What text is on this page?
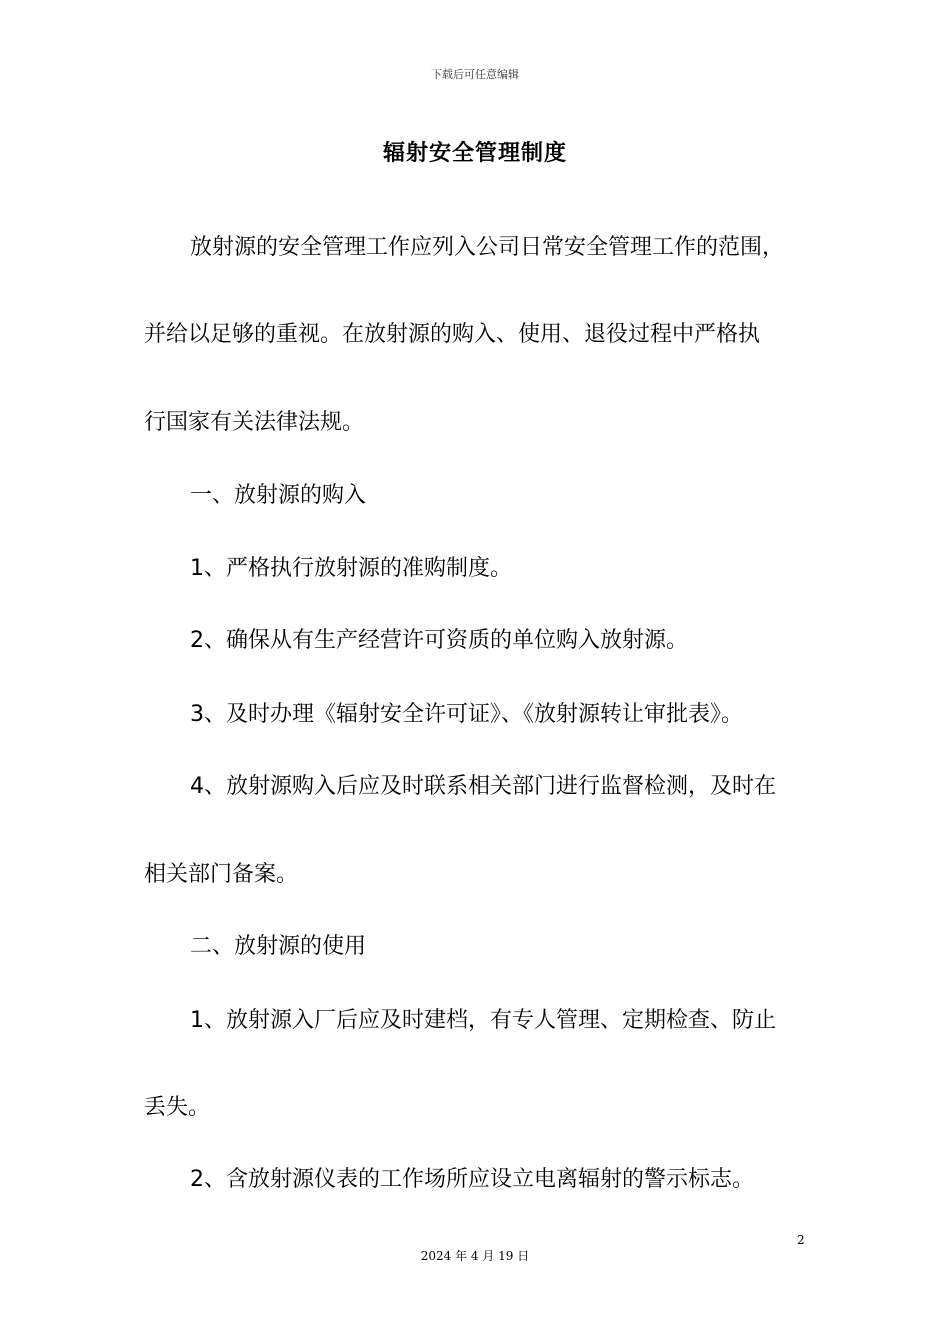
下载后可任意编辑
辐射安全管理制度
放射源的安全管理工作应列入公司日常安全管理工作的范围，
并给以足够的重视。在放射源的购入、使用、退役过程中严格执
行国家有关法律法规。
一、放射源的购入
1、严格执行放射源的准购制度。
2、确保从有生产经营许可资质的单位购入放射源。
3、及时办理《辐射安全许可证》、《放射源转让审批表》。
4、放射源购入后应及时联系相关部门进行监督检测，及时在
相关部门备案。
二、放射源的使用
1、放射源入厂后应及时建档，有专人管理、定期检查、防止
丢失。
2、含放射源仪表的工作场所应设立电离辐射的警示标志。
2
2024 年 4 月 19 日
